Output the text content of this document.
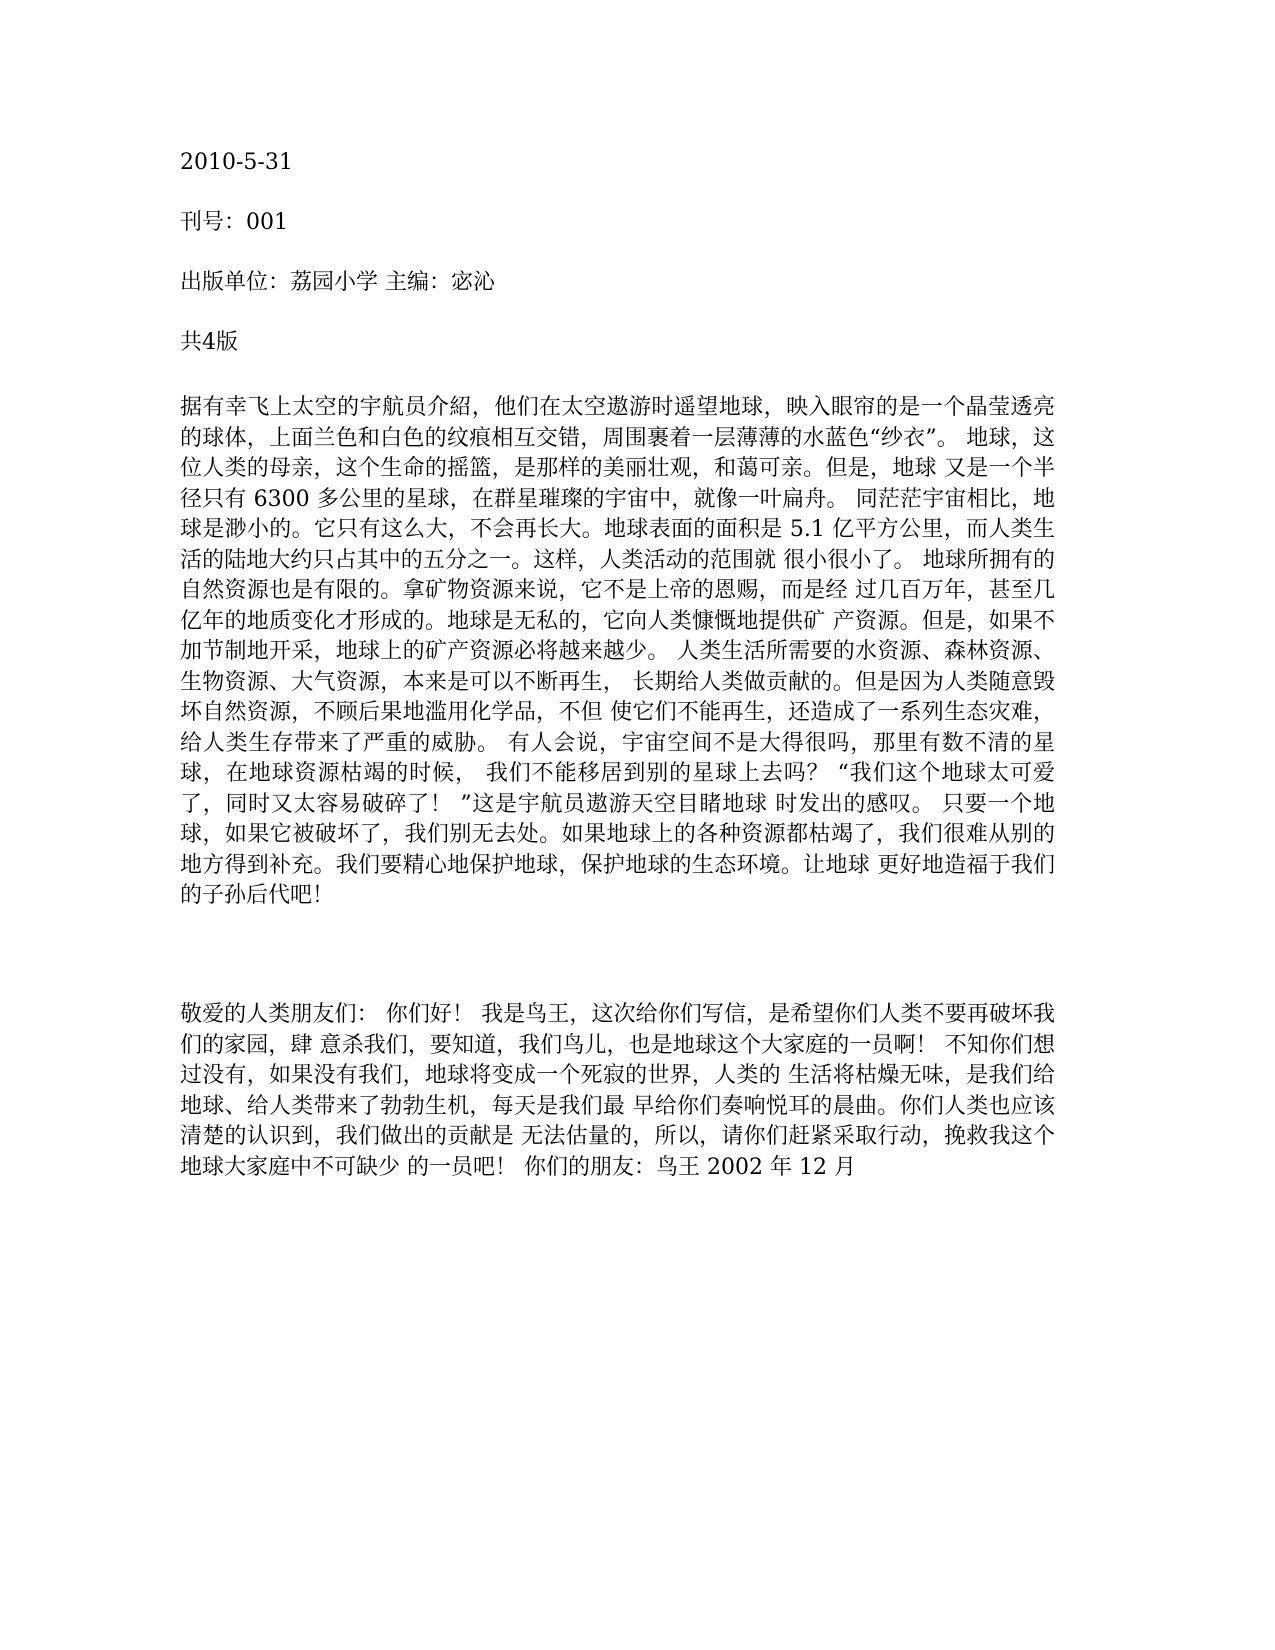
2010-5-31
刊号：001
出版单位：荔园小学 主编：宓沁
共4版

据有幸飞上太空的宇航员介紹，他们在太空遨游时遥望地球，映入眼帘的是一个晶莹透亮的球体，上面兰色和白色的纹痕相互交错，周围裹着一层薄薄的水蓝色“纱衣”。 地球，这位人类的母亲，这个生命的摇篮，是那样的美丽壮观，和蔼可亲。但是，地球 又是一个半径只有 6300 多公里的星球，在群星璀璨的宇宙中，就像一叶扁舟。 同茫茫宇宙相比，地球是渺小的。它只有这么大，不会再长大。地球表面的面积是 5.1 亿平方公里，而人类生活的陆地大约只占其中的五分之一。这样，人类活动的范围就 很小很小了。 地球所拥有的自然资源也是有限的。拿矿物资源来说，它不是上帝的恩赐，而是经 过几百万年，甚至几亿年的地质变化才形成的。地球是无私的，它向人类慷慨地提供矿 产资源。但是，如果不加节制地开采，地球上的矿产资源必将越来越少。 人类生活所需要的水资源、森林资源、生物资源、大气资源，本来是可以不断再生， 长期给人类做贡献的。但是因为人类随意毁坏自然资源，不顾后果地滥用化学品，不但 使它们不能再生，还造成了一系列生态灾难，给人类生存带来了严重的威胁。 有人会说，宇宙空间不是大得很吗，那里有数不清的星球，在地球资源枯竭的时候， 我们不能移居到别的星球上去吗？ “我们这个地球太可爱了，同时又太容易破碎了！ ”这是宇航员遨游天空目睹地球 时发出的感叹。 只要一个地球，如果它被破坏了，我们别无去处。如果地球上的各种资源都枯竭了，我们很难从别的地方得到补充。我们要精心地保护地球，保护地球的生态环境。让地球 更好地造福于我们的子孙后代吧！

敬爱的人类朋友们： 你们好！ 我是鸟王，这次给你们写信，是希望你们人类不要再破坏我们的家园，肆 意杀我们，要知道，我们鸟儿，也是地球这个大家庭的一员啊！ 不知你们想过没有，如果没有我们，地球将变成一个死寂的世界，人类的 生活将枯燥无味，是我们给地球、给人类带来了勃勃生机，每天是我们最 早给你们奏响悦耳的晨曲。你们人类也应该清楚的认识到，我们做出的贡献是 无法估量的，所以，请你们赶紧采取行动，挽救我这个地球大家庭中不可缺少 的一员吧！ 你们的朋友：鸟王 2002 年 12 月
